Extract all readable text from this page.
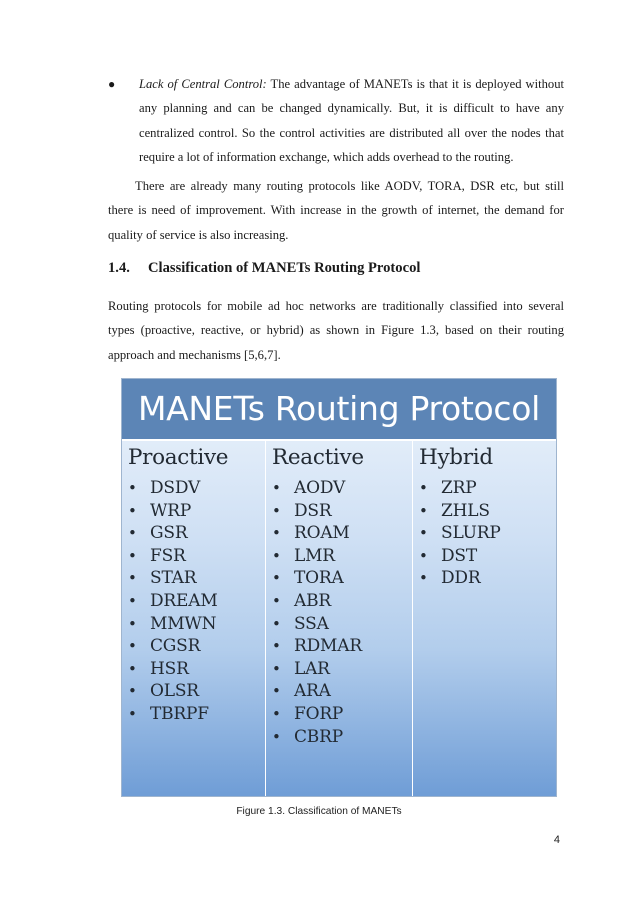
● Lack of Central Control: The advantage of MANETs is that it is deployed without any planning and can be changed dynamically. But, it is difficult to have any centralized control. So the control activities are distributed all over the nodes that require a lot of information exchange, which adds overhead to the routing.

There are already many routing protocols like AODV, TORA, DSR etc, but still there is need of improvement. With increase in the growth of internet, the demand for quality of service is also increasing.

1.4. Classification of MANETs Routing Protocol

Routing protocols for mobile ad hoc networks are traditionally classified into several types (proactive, reactive, or hybrid) as shown in Figure 1.3, based on their routing approach and mechanisms [5,6,7].

MANETs Routing Protocol
Proactive
• DSDV
• WRP
• GSR
• FSR
• STAR
• DREAM
• MMWN
• CGSR
• HSR
• OLSR
• TBRPF
Reactive
• AODV
• DSR
• ROAM
• LMR
• TORA
• ABR
• SSA
• RDMAR
• LAR
• ARA
• FORP
• CBRP
Hybrid
• ZRP
• ZHLS
• SLURP
• DST
• DDR
Figure 1.3. Classification of MANETs
4
